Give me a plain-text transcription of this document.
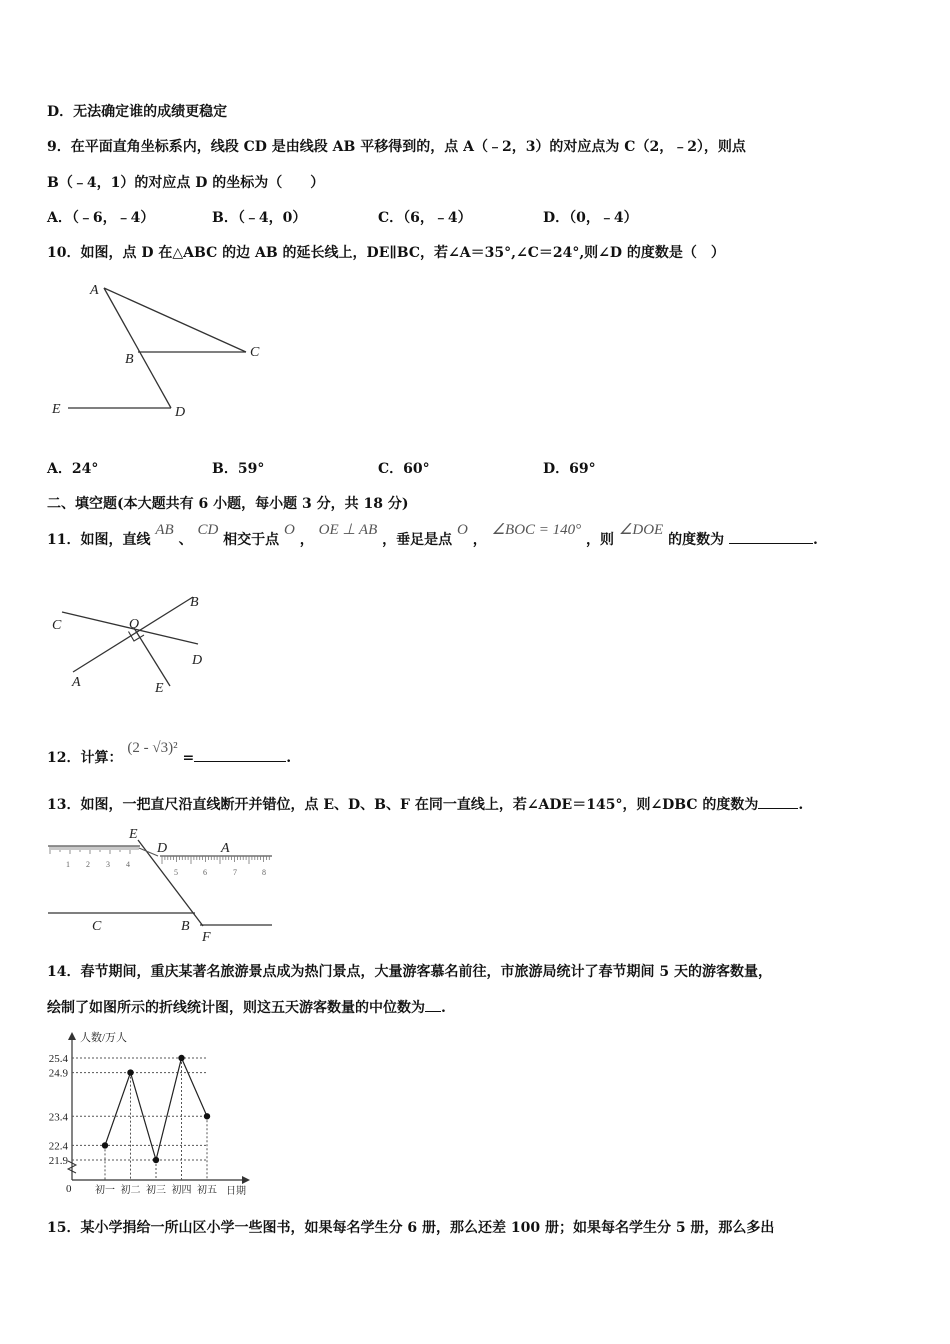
D．无法确定谁的成绩更稳定
9．在平面直角坐标系内，线段 CD 是由线段 AB 平移得到的，点 A（﹣2，3）的对应点为 C（2，﹣2），则点
B（﹣4，1）的对应点 D 的坐标为（　　）
A．（﹣6，﹣4）	B．（﹣4，0）	C．（6，﹣4）	D．（0，﹣4）
10．如图，点 D 在△ABC 的边 AB 的延长线上，DE∥BC，若∠A＝35°,∠C＝24°,则∠D 的度数是（　）
A
B	C
D
E
A．24°	B．59°	C．60°	D．69°
二、填空题(本大题共有 6 小题，每小题 3 分，共 18 分)
11．如图，直线 AB 、 CD 相交于点 O ， OE ⊥ AB ，垂足是点 O ， ∠BOC = 140° ，则 ∠DOE 的度数为	.
B
C	O
D
A	E
12．计算： (2 - √3)² =	.
13．如图，一把直尺沿直线断开并错位，点 E、D、B、F 在同一直线上，若∠ADE＝145°，则∠DBC 的度数为	.
1 2 3 4
5	6	7	8
E
D	A
C	B
F
14．春节期间，重庆某著名旅游景点成为热门景点，大量游客慕名前往，市旅游局统计了春节期间 5 天的游客数量，
绘制了如图所示的折线统计图，则这五天游客数量的中位数为 .
人数/万人
0	日期
21.9
22.4
23.4
24.9
25.4
初一 初二 初三 初四 初五
15．某小学捐给一所山区小学一些图书，如果每名学生分 6 册，那么还差 100 册；如果每名学生分 5 册，那么多出
